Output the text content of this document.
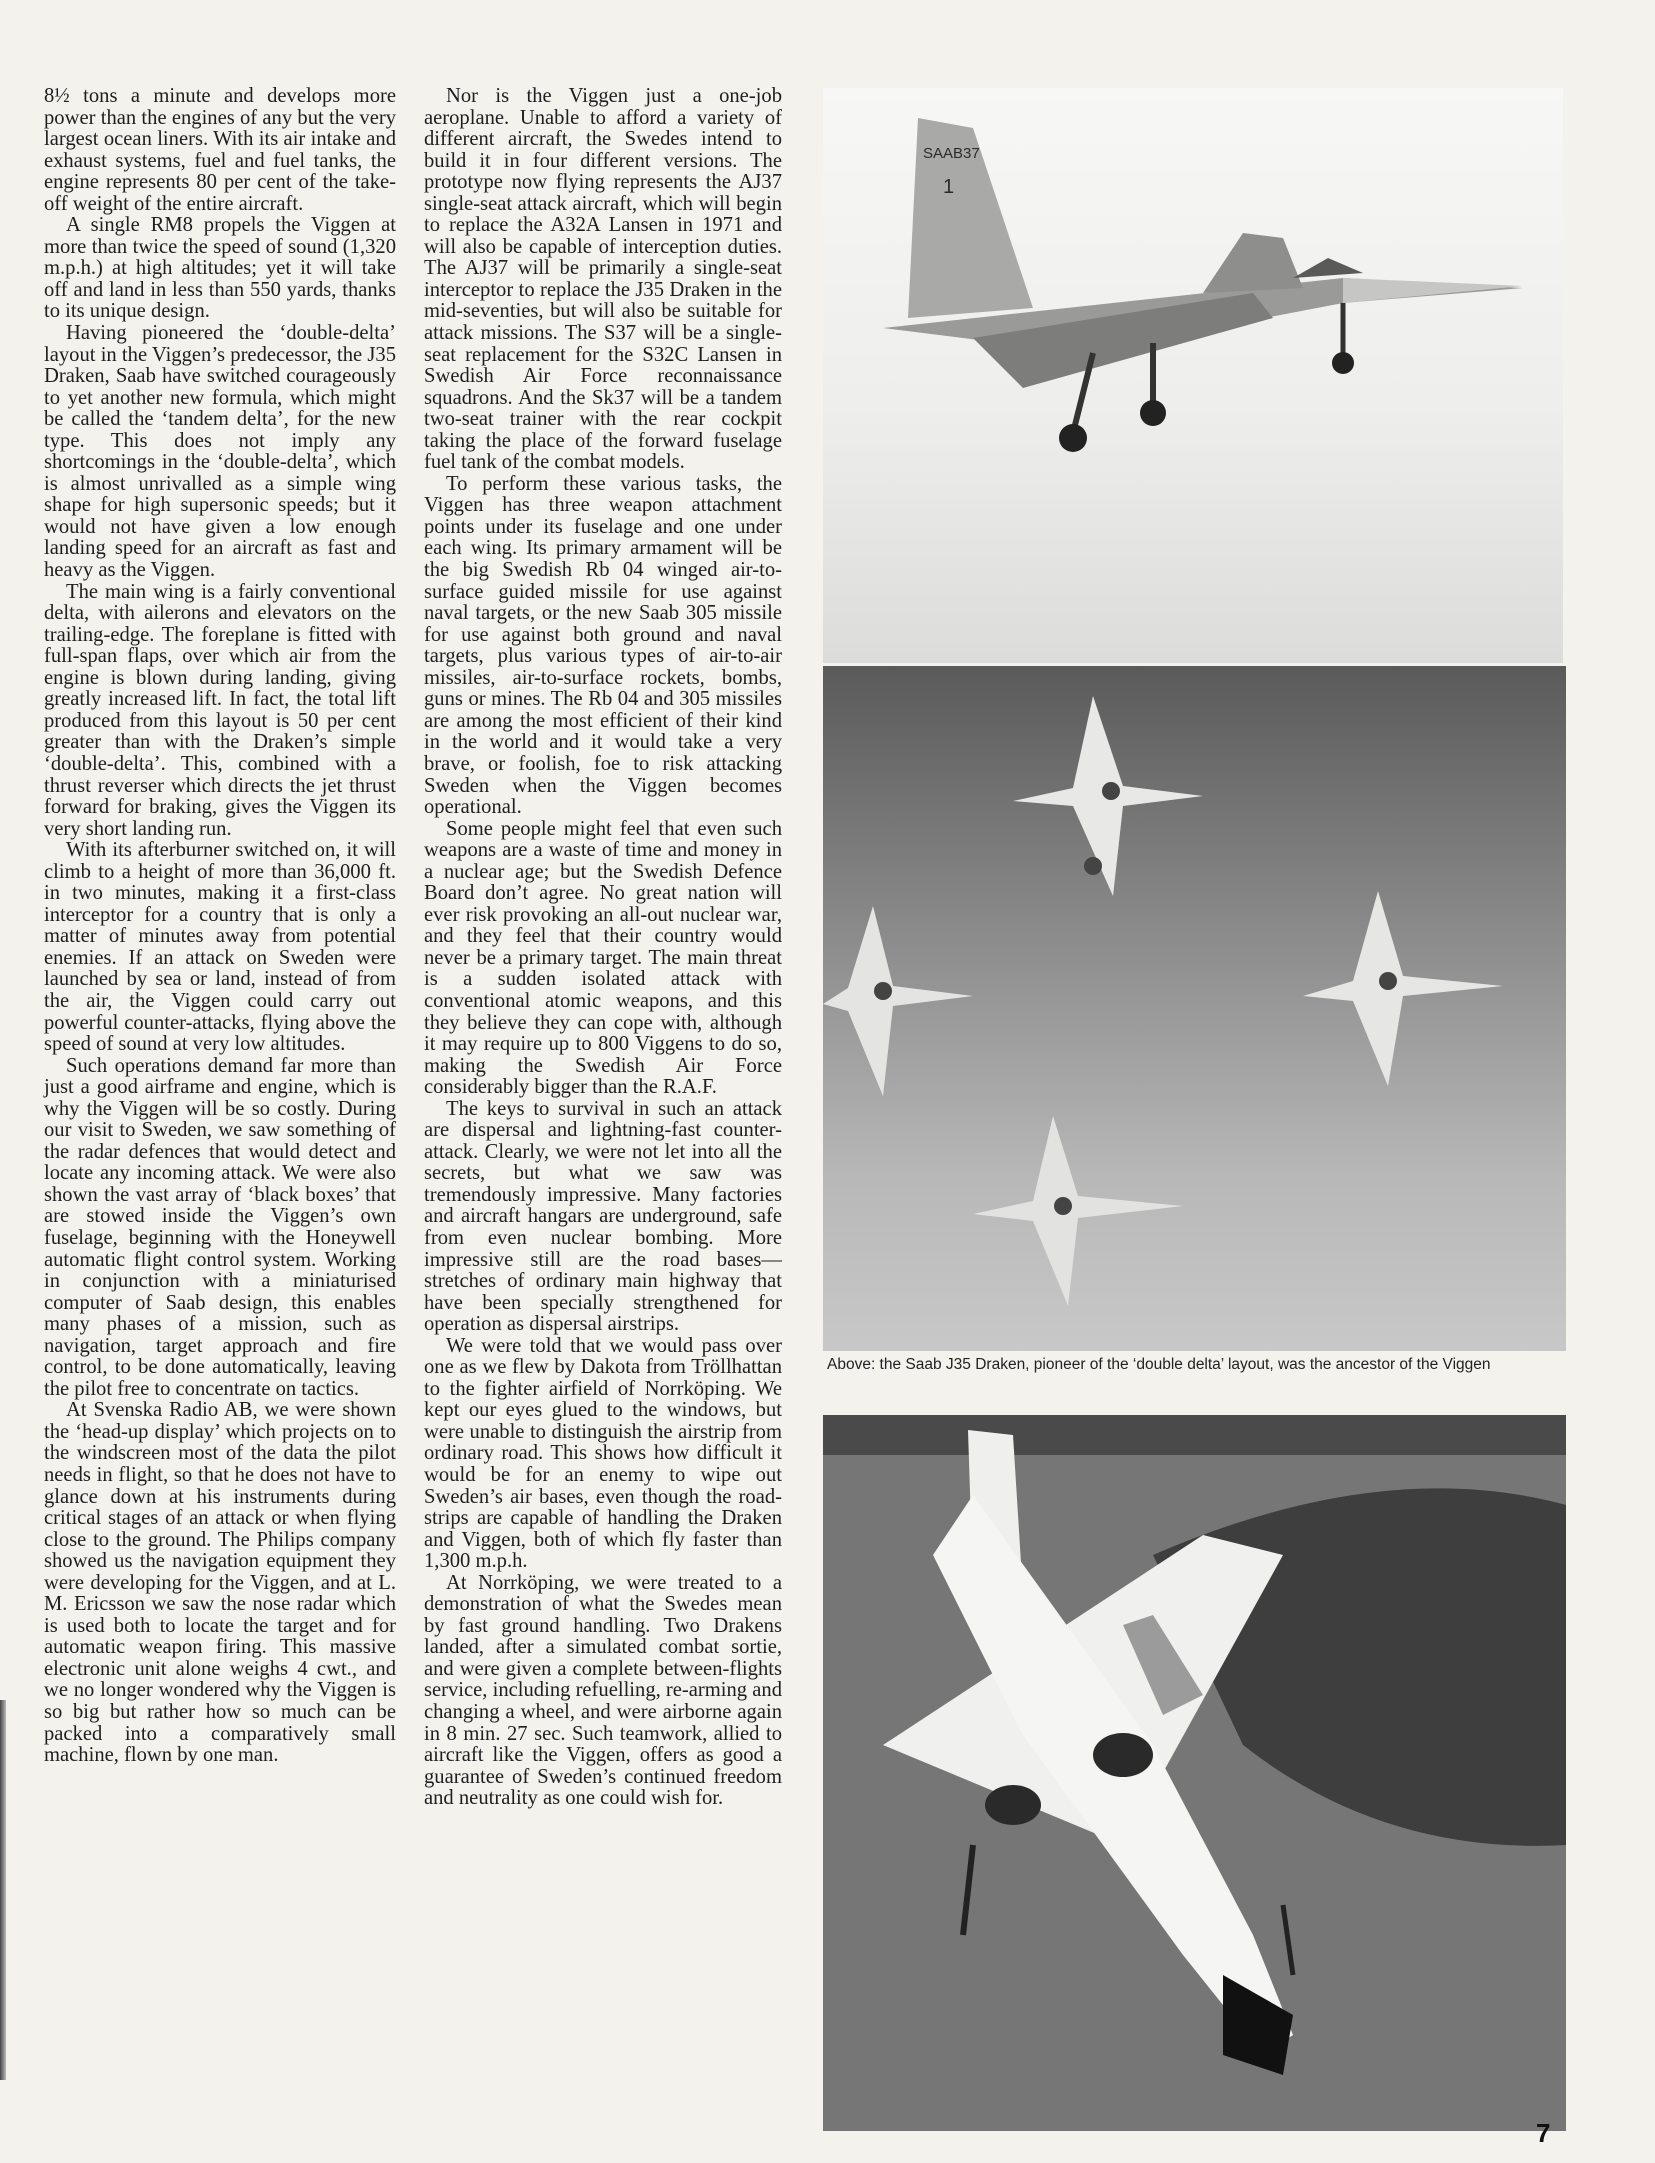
8½ tons a minute and develops more power than the engines of any but the very largest ocean liners. With its air intake and exhaust systems, fuel and fuel tanks, the engine represents 80 per cent of the take-off weight of the entire aircraft.

A single RM8 propels the Viggen at more than twice the speed of sound (1,320 m.p.h.) at high altitudes; yet it will take off and land in less than 550 yards, thanks to its unique design.

Having pioneered the ‘double-delta’ layout in the Viggen’s predecessor, the J35 Draken, Saab have switched courageously to yet another new formula, which might be called the ‘tandem delta’, for the new type. This does not imply any shortcomings in the ‘double-delta’, which is almost unrivalled as a simple wing shape for high supersonic speeds; but it would not have given a low enough landing speed for an aircraft as fast and heavy as the Viggen.

The main wing is a fairly conventional delta, with ailerons and elevators on the trailing-edge. The foreplane is fitted with full-span flaps, over which air from the engine is blown during landing, giving greatly increased lift. In fact, the total lift produced from this layout is 50 per cent greater than with the Draken’s simple ‘double-delta’. This, combined with a thrust reverser which directs the jet thrust forward for braking, gives the Viggen its very short landing run.

With its afterburner switched on, it will climb to a height of more than 36,000 ft. in two minutes, making it a first-class interceptor for a country that is only a matter of minutes away from potential enemies. If an attack on Sweden were launched by sea or land, instead of from the air, the Viggen could carry out powerful counter-attacks, flying above the speed of sound at very low altitudes.

Such operations demand far more than just a good airframe and engine, which is why the Viggen will be so costly. During our visit to Sweden, we saw something of the radar defences that would detect and locate any incoming attack. We were also shown the vast array of ‘black boxes’ that are stowed inside the Viggen’s own fuselage, beginning with the Honeywell automatic flight control system. Working in conjunction with a miniaturised computer of Saab design, this enables many phases of a mission, such as navigation, target approach and fire control, to be done automatically, leaving the pilot free to concentrate on tactics.

At Svenska Radio AB, we were shown the ‘head-up display’ which projects on to the windscreen most of the data the pilot needs in flight, so that he does not have to glance down at his instruments during critical stages of an attack or when flying close to the ground. The Philips company showed us the navigation equipment they were developing for the Viggen, and at L. M. Ericsson we saw the nose radar which is used both to locate the target and for automatic weapon firing. This massive electronic unit alone weighs 4 cwt., and we no longer wondered why the Viggen is so big but rather how so much can be packed into a comparatively small machine, flown by one man.

Nor is the Viggen just a one-job aeroplane. Unable to afford a variety of different aircraft, the Swedes intend to build it in four different versions. The prototype now flying represents the AJ37 single-seat attack aircraft, which will begin to replace the A32A Lansen in 1971 and will also be capable of interception duties. The AJ37 will be primarily a single-seat interceptor to replace the J35 Draken in the mid-seventies, but will also be suitable for attack missions. The S37 will be a single-seat replacement for the S32C Lansen in Swedish Air Force reconnaissance squadrons. And the Sk37 will be a tandem two-seat trainer with the rear cockpit taking the place of the forward fuselage fuel tank of the combat models.

To perform these various tasks, the Viggen has three weapon attachment points under its fuselage and one under each wing. Its primary armament will be the big Swedish Rb 04 winged air-to-surface guided missile for use against naval targets, or the new Saab 305 missile for use against both ground and naval targets, plus various types of air-to-air missiles, air-to-surface rockets, bombs, guns or mines. The Rb 04 and 305 missiles are among the most efficient of their kind in the world and it would take a very brave, or foolish, foe to risk attacking Sweden when the Viggen becomes operational.

Some people might feel that even such weapons are a waste of time and money in a nuclear age; but the Swedish Defence Board don’t agree. No great nation will ever risk provoking an all-out nuclear war, and they feel that their country would never be a primary target. The main threat is a sudden isolated attack with conventional atomic weapons, and this they believe they can cope with, although it may require up to 800 Viggens to do so, making the Swedish Air Force considerably bigger than the R.A.F.

The keys to survival in such an attack are dispersal and lightning-fast counter-attack. Clearly, we were not let into all the secrets, but what we saw was tremendously impressive. Many factories and aircraft hangars are underground, safe from even nuclear bombing. More impressive still are the road bases—stretches of ordinary main highway that have been specially strengthened for operation as dispersal airstrips.

We were told that we would pass over one as we flew by Dakota from Tröllhattan to the fighter airfield of Norrköping. We kept our eyes glued to the windows, but were unable to distinguish the airstrip from ordinary road. This shows how difficult it would be for an enemy to wipe out Sweden’s air bases, even though the road-strips are capable of handling the Draken and Viggen, both of which fly faster than 1,300 m.p.h.

At Norrköping, we were treated to a demonstration of what the Swedes mean by fast ground handling. Two Drakens landed, after a simulated combat sortie, and were given a complete between-flights service, including refuelling, re-arming and changing a wheel, and were airborne again in 8 min. 27 sec. Such teamwork, allied to aircraft like the Viggen, offers as good a guarantee of Sweden’s continued freedom and neutrality as one could wish for.

SAAB37
1
Above: the Saab J35 Draken, pioneer of the ‘double delta’ layout, was the ancestor of the Viggen
7
